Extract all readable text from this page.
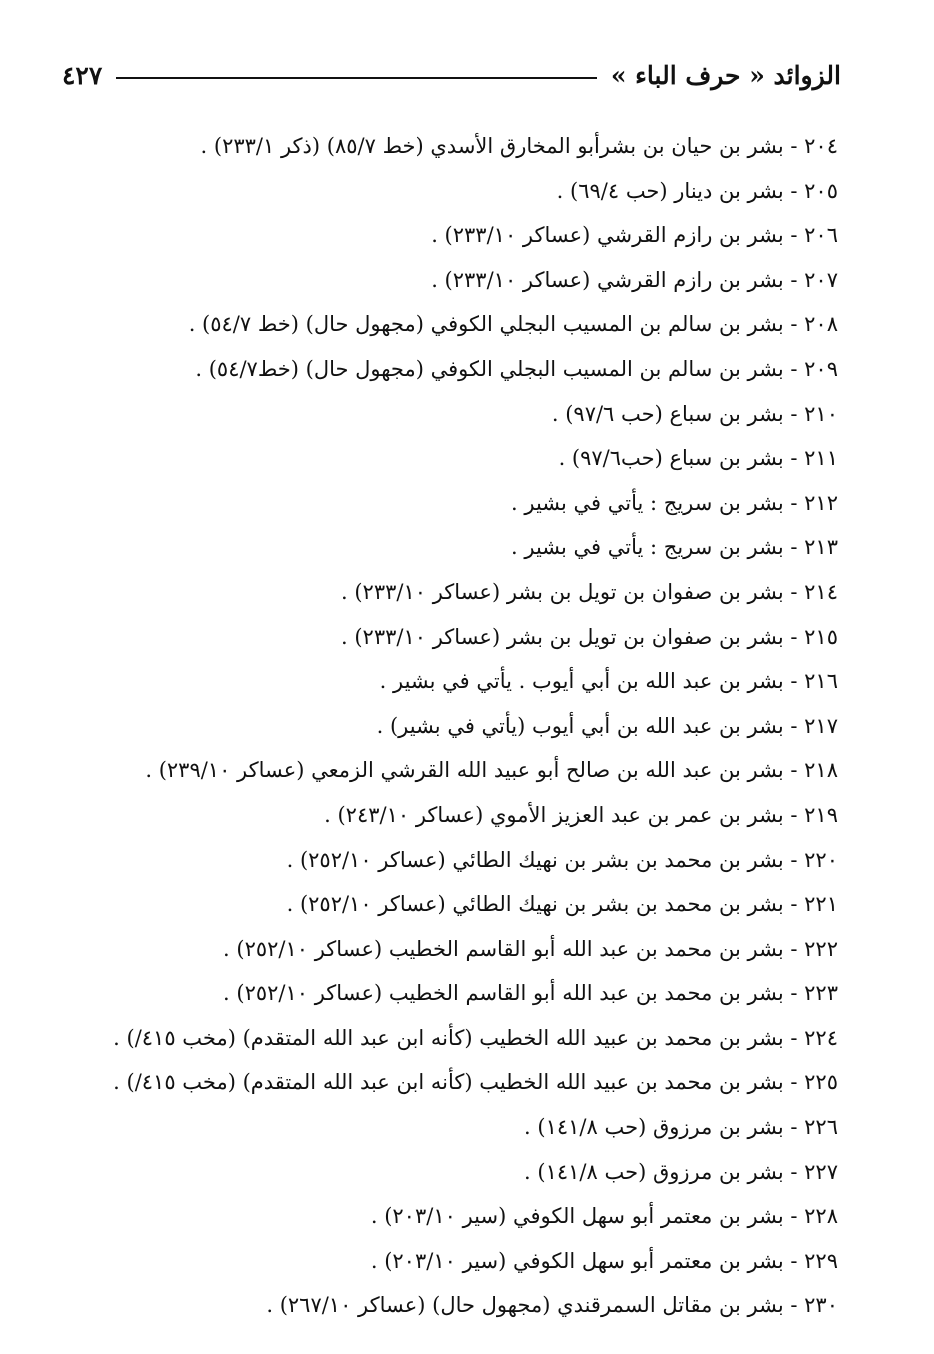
الزوائد « حرف الباء »
٤٢٧
٢٠٤ - بشر بن حيان بن بشرأبو المخارق الأسدي (خط ٨٥/٧) (ذكر ٢٣٣/١) .
٢٠٥ - بشر بن دينار (حب ٦٩/٤) .
٢٠٦ - بشر بن رازم القرشي (عساكر ٢٣٣/١٠) .
٢٠٧ - بشر بن رازم القرشي (عساكر ٢٣٣/١٠) .
٢٠٨ - بشر بن سالم بن المسيب البجلي الكوفي (مجهول حال) (خط ٥٤/٧) .
٢٠٩ - بشر بن سالم بن المسيب البجلي الكوفي (مجهول حال) (خط٥٤/٧) .
٢١٠ - بشر بن سباع (حب ٩٧/٦) .
٢١١ - بشر بن سباع (حب٩٧/٦) .
٢١٢ - بشر بن سريج : يأتي في بشير .
٢١٣ - بشر بن سريج : يأتي في بشير .
٢١٤ - بشر بن صفوان بن تويل بن بشر (عساكر ٢٣٣/١٠) .
٢١٥ - بشر بن صفوان بن تويل بن بشر (عساكر ٢٣٣/١٠) .
٢١٦ - بشر بن عبد الله بن أبي أيوب . يأتي في بشير .
٢١٧ - بشر بن عبد الله بن أبي أيوب (يأتي في بشير) .
٢١٨ - بشر بن عبد الله بن صالح أبو عبيد الله القرشي الزمعي (عساكر ٢٣٩/١٠) .
٢١٩ - بشر بن عمر بن عبد العزيز الأموي (عساكر ٢٤٣/١٠) .
٢٢٠ - بشر بن محمد بن بشر بن نهيك الطائي (عساكر ٢٥٢/١٠) .
٢٢١ - بشر بن محمد بن بشر بن نهيك الطائي (عساكر ٢٥٢/١٠) .
٢٢٢ - بشر بن محمد بن عبد الله أبو القاسم الخطيب (عساكر ٢٥٢/١٠) .
٢٢٣ - بشر بن محمد بن عبد الله أبو القاسم الخطيب (عساكر ٢٥٢/١٠) .
٢٢٤ - بشر بن محمد بن عبيد الله الخطيب (كأنه ابن عبد الله المتقدم) (مخب ٤١٥/) .
٢٢٥ - بشر بن محمد بن عبيد الله الخطيب (كأنه ابن عبد الله المتقدم) (مخب ٤١٥/) .
٢٢٦ - بشر بن مرزوق (حب ١٤١/٨) .
٢٢٧ - بشر بن مرزوق (حب ١٤١/٨) .
٢٢٨ - بشر بن معتمر أبو سهل الكوفي (سير ٢٠٣/١٠) .
٢٢٩ - بشر بن معتمر أبو سهل الكوفي (سير ٢٠٣/١٠) .
٢٣٠ - بشر بن مقاتل السمرقندي (مجهول حال) (عساكر ٢٦٧/١٠) .
